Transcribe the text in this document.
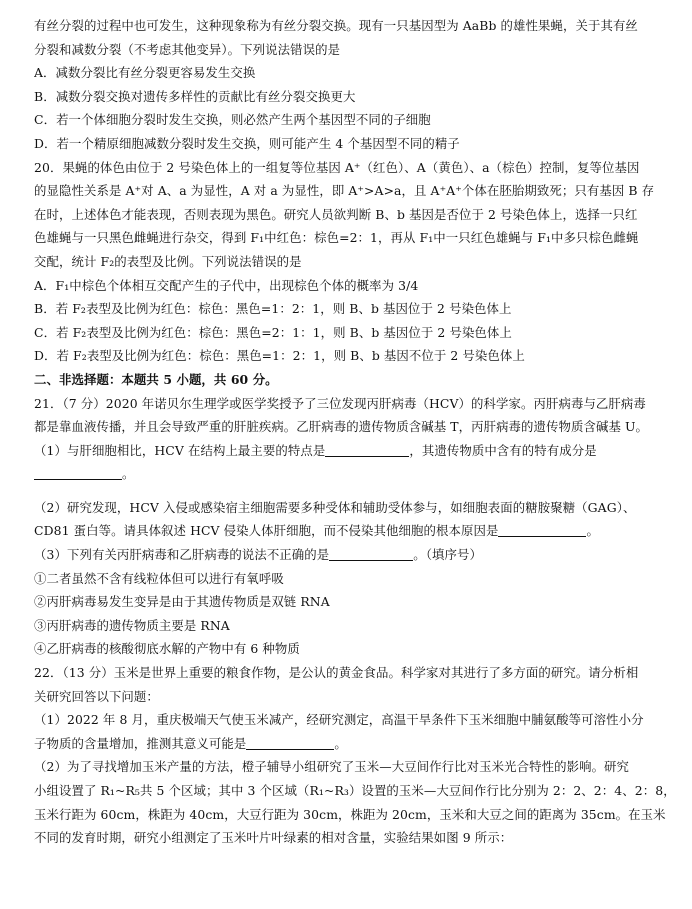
有丝分裂的过程中也可发生，这种现象称为有丝分裂交换。现有一只基因型为 AaBb 的雄性果蝇，关于其有丝
分裂和减数分裂（不考虑其他变异）。下列说法错误的是
A．减数分裂比有丝分裂更容易发生交换
B．减数分裂交换对遗传多样性的贡献比有丝分裂交换更大
C．若一个体细胞分裂时发生交换，则必然产生两个基因型不同的子细胞
D．若一个精原细胞减数分裂时发生交换，则可能产生 4 个基因型不同的精子
20．果蝇的体色由位于 2 号染色体上的一组复等位基因 A⁺（红色）、A（黄色）、a（棕色）控制，复等位基因
的显隐性关系是 A⁺对 A、a 为显性，A 对 a 为显性，即 A⁺>A>a，且 A⁺A⁺个体在胚胎期致死；只有基因 B 存
在时，上述体色才能表现，否则表现为黑色。研究人员欲判断 B、b 基因是否位于 2 号染色体上，选择一只红
色雄蝇与一只黑色雌蝇进行杂交，得到 F₁中红色：棕色=2：1，再从 F₁中一只红色雄蝇与 F₁中多只棕色雌蝇
交配，统计 F₂的表型及比例。下列说法错误的是
A．F₁中棕色个体相互交配产生的子代中，出现棕色个体的概率为 3/4
B．若 F₂表型及比例为红色：棕色：黑色=1：2：1，则 B、b 基因位于 2 号染色体上
C．若 F₂表型及比例为红色：棕色：黑色=2：1：1，则 B、b 基因位于 2 号染色体上
D．若 F₂表型及比例为红色：棕色：黑色=1：2：1，则 B、b 基因不位于 2 号染色体上
二、非选择题：本题共 5 小题，共 60 分。
21．（7 分）2020 年诺贝尔生理学或医学奖授予了三位发现丙肝病毒（HCV）的科学家。丙肝病毒与乙肝病毒
都是靠血液传播，并且会导致严重的肝脏疾病。乙肝病毒的遗传物质含碱基 T，丙肝病毒的遗传物质含碱基 U。
（1）与肝细胞相比，HCV 在结构上最主要的特点是	，其遗传物质中含有的特有成分是
。
（2）研究发现，HCV 入侵或感染宿主细胞需要多种受体和辅助受体参与，如细胞表面的糖胺聚糖（GAG）、
CD81 蛋白等。请具体叙述 HCV 侵染人体肝细胞，而不侵染其他细胞的根本原因是	。
（3）下列有关丙肝病毒和乙肝病毒的说法不正确的是	。（填序号）
①二者虽然不含有线粒体但可以进行有氧呼吸
②丙肝病毒易发生变异是由于其遗传物质是双链 RNA
③丙肝病毒的遗传物质主要是 RNA
④乙肝病毒的核酸彻底水解的产物中有 6 种物质
22．（13 分）玉米是世界上重要的粮食作物，是公认的黄金食品。科学家对其进行了多方面的研究。请分析相
关研究回答以下问题：
（1）2022 年 8 月，重庆极端天气使玉米减产，经研究测定，高温干旱条件下玉米细胞中脯氨酸等可溶性小分
子物质的含量增加，推测其意义可能是	。
（2）为了寻找增加玉米产量的方法，橙子辅导小组研究了玉米—大豆间作行比对玉米光合特性的影响。研究
小组设置了 R₁~R₅共 5 个区域；其中 3 个区域（R₁~R₃）设置的玉米—大豆间作行比分别为 2：2、2：4、2：8，
玉米行距为 60cm，株距为 40cm，大豆行距为 30cm，株距为 20cm，玉米和大豆之间的距离为 35cm。在玉米
不同的发育时期，研究小组测定了玉米叶片叶绿素的相对含量，实验结果如图 9 所示：
